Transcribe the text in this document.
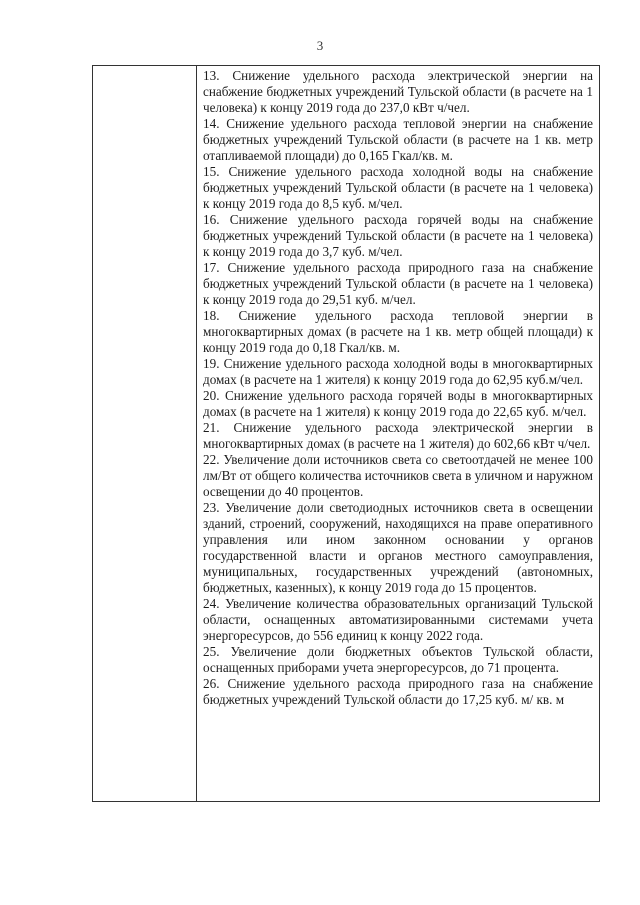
3

13. Снижение удельного расхода электрической энергии на снабжение бюджетных учреждений Тульской области (в расчете на 1 человека) к концу 2019 года до 237,0 кВт ч/чел.

14. Снижение удельного расхода тепловой энергии на снабжение бюджетных учреждений Тульской области (в расчете на 1 кв. метр отапливаемой площади) до 0,165 Гкал/кв. м.

15. Снижение удельного расхода холодной воды на снабжение бюджетных учреждений Тульской области (в расчете на 1 человека) к концу 2019 года до 8,5 куб. м/чел.

16. Снижение удельного расхода горячей воды на снабжение бюджетных учреждений Тульской области (в расчете на 1 человека) к концу 2019 года до 3,7 куб. м/чел.

17. Снижение удельного расхода природного газа на снабжение бюджетных учреждений Тульской области (в расчете на 1 человека) к концу 2019 года до 29,51 куб. м/чел.

18. Снижение удельного расхода тепловой энергии в многоквартирных домах (в расчете на 1 кв. метр общей площади) к концу 2019 года до 0,18 Гкал/кв. м.

19. Снижение удельного расхода холодной воды в многоквартирных домах (в расчете на 1 жителя) к концу 2019 года до 62,95 куб.м/чел.

20. Снижение удельного расхода горячей воды в многоквартирных домах (в расчете на 1 жителя) к концу 2019 года до 22,65 куб. м/чел.

21. Снижение удельного расхода электрической энергии в многоквартирных домах (в расчете на 1 жителя) до 602,66 кВт ч/чел.

22. Увеличение доли источников света со светоотдачей не менее 100 лм/Вт от общего количества источников света в уличном и наружном освещении до 40 процентов.

23. Увеличение доли светодиодных источников света в освещении зданий, строений, сооружений, находящихся на праве оперативного управления или ином законном основании у органов государственной власти и органов местного самоуправления, муниципальных, государственных учреждений (автономных, бюджетных, казенных), к концу 2019 года до 15 процентов.

24. Увеличение количества образовательных организаций Тульской области, оснащенных автоматизированными системами учета энергоресурсов, до 556 единиц к концу 2022 года.

25. Увеличение доли бюджетных объектов Тульской области, оснащенных приборами учета энергоресурсов, до 71 процента.

26. Снижение удельного расхода природного газа на снабжение бюджетных учреждений Тульской области до 17,25 куб. м/ кв. м
